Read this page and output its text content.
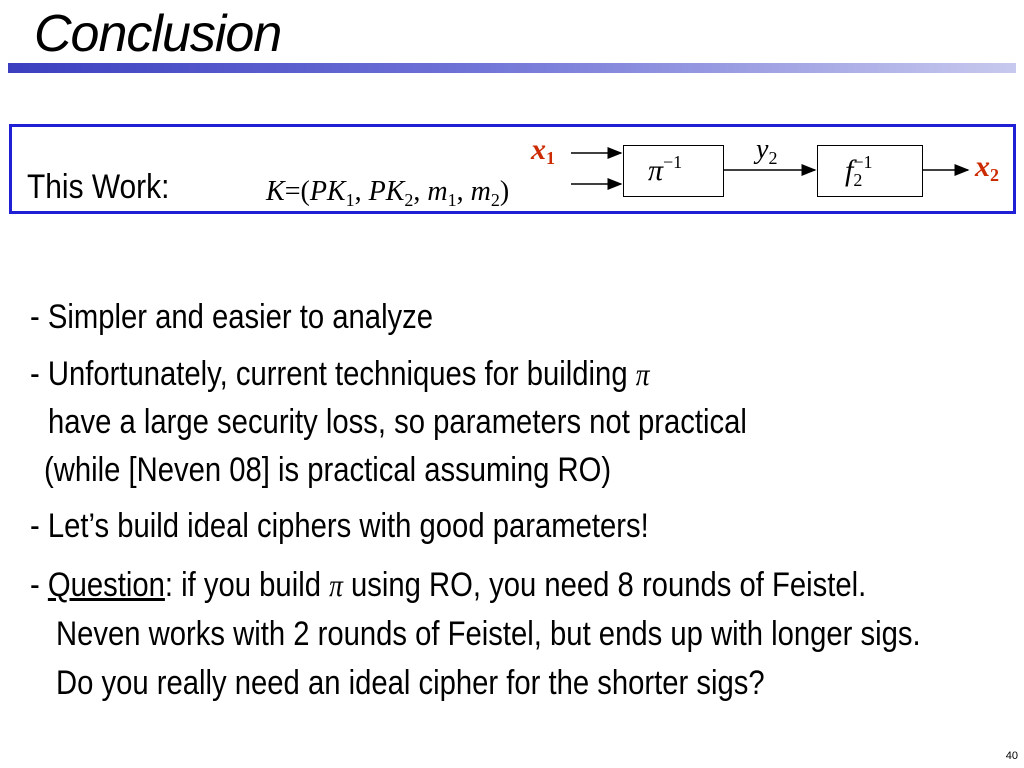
Conclusion
This Work:	$K=(PK_1$, $PK_2$, $m_1$, $m_2$)
$x_1$	$x_2$
$\pi^{-1}$	$y_2$ $f_2^{-1}$
- Simpler and easier to analyze
- Unfortunately, current techniques for building π
have a large security loss, so parameters not practical
(while [Neven 08] is practical assuming RO)
- Let’s build ideal ciphers with good parameters!
- Question: if you build π using RO, you need 8 rounds of Feistel.
Neven works with 2 rounds of Feistel, but ends up with longer sigs.
Do you really need an ideal cipher for the shorter sigs?
40
